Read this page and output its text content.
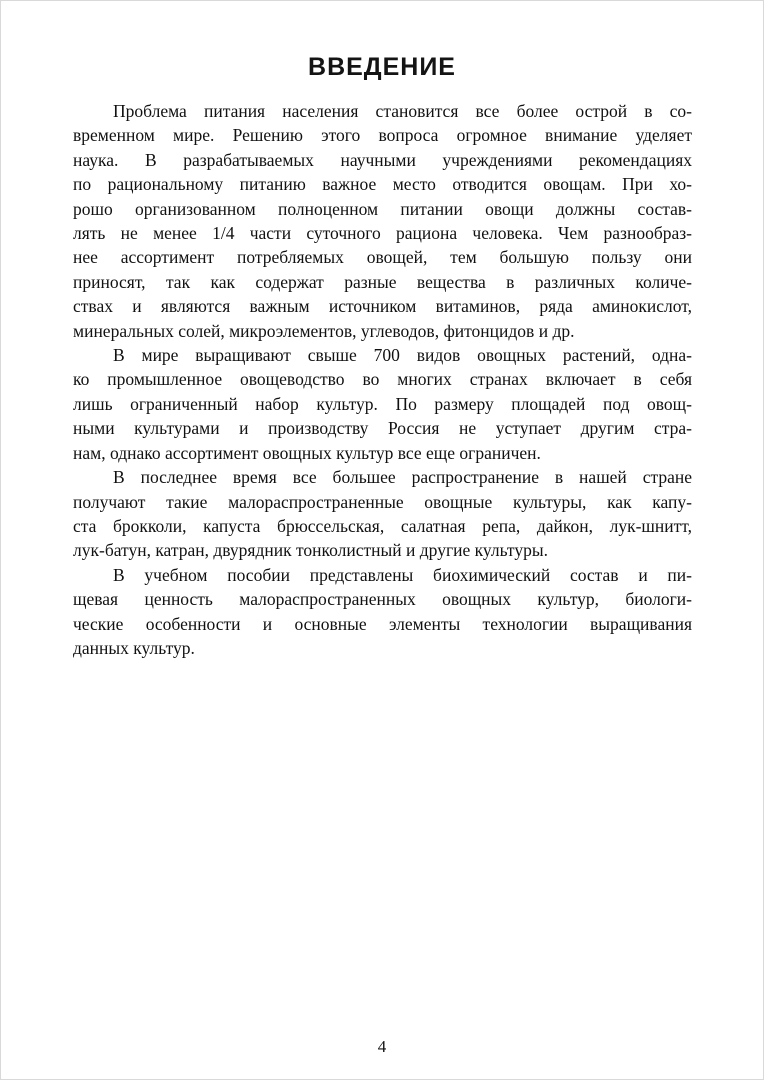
ВВЕДЕНИЕ
Проблема питания населения становится все более острой в со-
временном мире. Решению этого вопроса огромное внимание уделяет
наука. В разрабатываемых научными учреждениями рекомендациях
по рациональному питанию важное место отводится овощам. При хо-
рошо организованном полноценном питании овощи должны состав-
лять не менее 1/4 части суточного рациона человека. Чем разнообраз-
нее ассортимент потребляемых овощей, тем большую пользу они
приносят, так как содержат разные вещества в различных количе-
ствах и являются важным источником витаминов, ряда аминокислот,
минеральных солей, микроэлементов, углеводов, фитонцидов и др.
В мире выращивают свыше 700 видов овощных растений, одна-
ко промышленное овощеводство во многих странах включает в себя
лишь ограниченный набор культур. По размеру площадей под овощ-
ными культурами и производству Россия не уступает другим стра-
нам, однако ассортимент овощных культур все еще ограничен.
В последнее время все большее распространение в нашей стране
получают такие малораспространенные овощные культуры, как капу-
ста брокколи, капуста брюссельская, салатная репа, дайкон, лук-шнитт,
лук-батун, катран, двурядник тонколистный и другие культуры.
В учебном пособии представлены биохимический состав и пи-
щевая ценность малораспространенных овощных культур, биологи-
ческие особенности и основные элементы технологии выращивания
данных культур.
4
